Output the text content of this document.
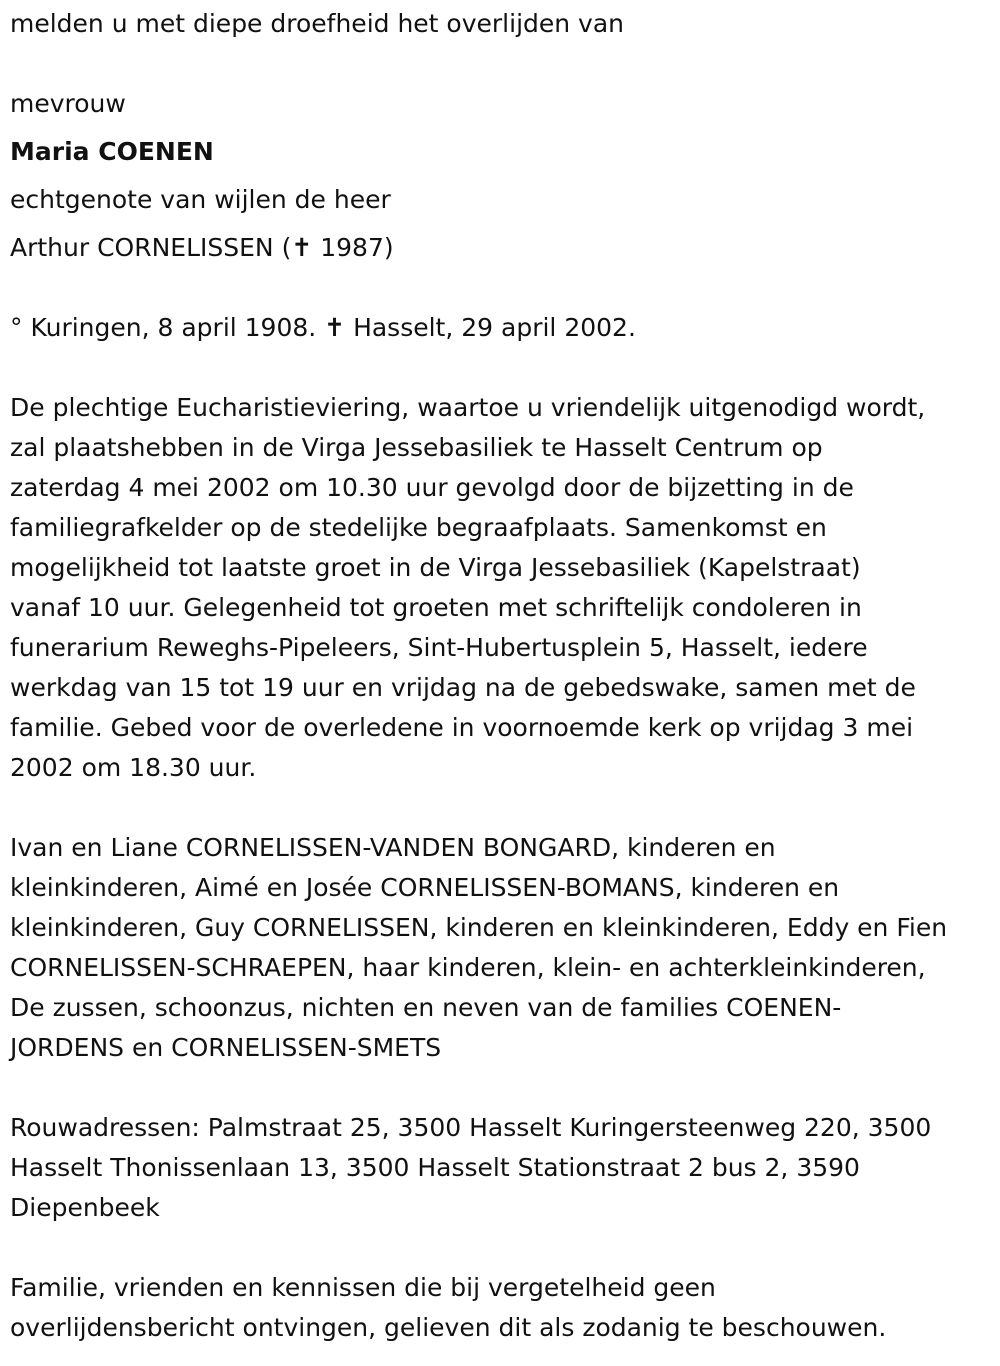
melden u met diepe droefheid het overlijden van
mevrouw
Maria COENEN
echtgenote van wijlen de heer
Arthur CORNELISSEN (✝ 1987)
° Kuringen, 8 april 1908. ✝ Hasselt, 29 april 2002.
De plechtige Eucharistieviering, waartoe u vriendelijk uitgenodigd wordt,
zal plaatshebben in de Virga Jessebasiliek te Hasselt Centrum op
zaterdag 4 mei 2002 om 10.30 uur gevolgd door de bijzetting in de
familiegrafkelder op de stedelijke begraafplaats. Samenkomst en
mogelijkheid tot laatste groet in de Virga Jessebasiliek (Kapelstraat)
vanaf 10 uur. Gelegenheid tot groeten met schriftelijk condoleren in
funerarium Reweghs-Pipeleers, Sint-Hubertusplein 5, Hasselt, iedere
werkdag van 15 tot 19 uur en vrijdag na de gebedswake, samen met de
familie. Gebed voor de overledene in voornoemde kerk op vrijdag 3 mei
2002 om 18.30 uur.
Ivan en Liane CORNELISSEN-VANDEN BONGARD, kinderen en
kleinkinderen, Aimé en Josée CORNELISSEN-BOMANS, kinderen en
kleinkinderen, Guy CORNELISSEN, kinderen en kleinkinderen, Eddy en Fien
CORNELISSEN-SCHRAEPEN, haar kinderen, klein- en achterkleinkinderen,
De zussen, schoonzus, nichten en neven van de families COENEN-
JORDENS en CORNELISSEN-SMETS
Rouwadressen: Palmstraat 25, 3500 Hasselt Kuringersteenweg 220, 3500
Hasselt Thonissenlaan 13, 3500 Hasselt Stationstraat 2 bus 2, 3590
Diepenbeek
Familie, vrienden en kennissen die bij vergetelheid geen
overlijdensbericht ontvingen, gelieven dit als zodanig te beschouwen.
